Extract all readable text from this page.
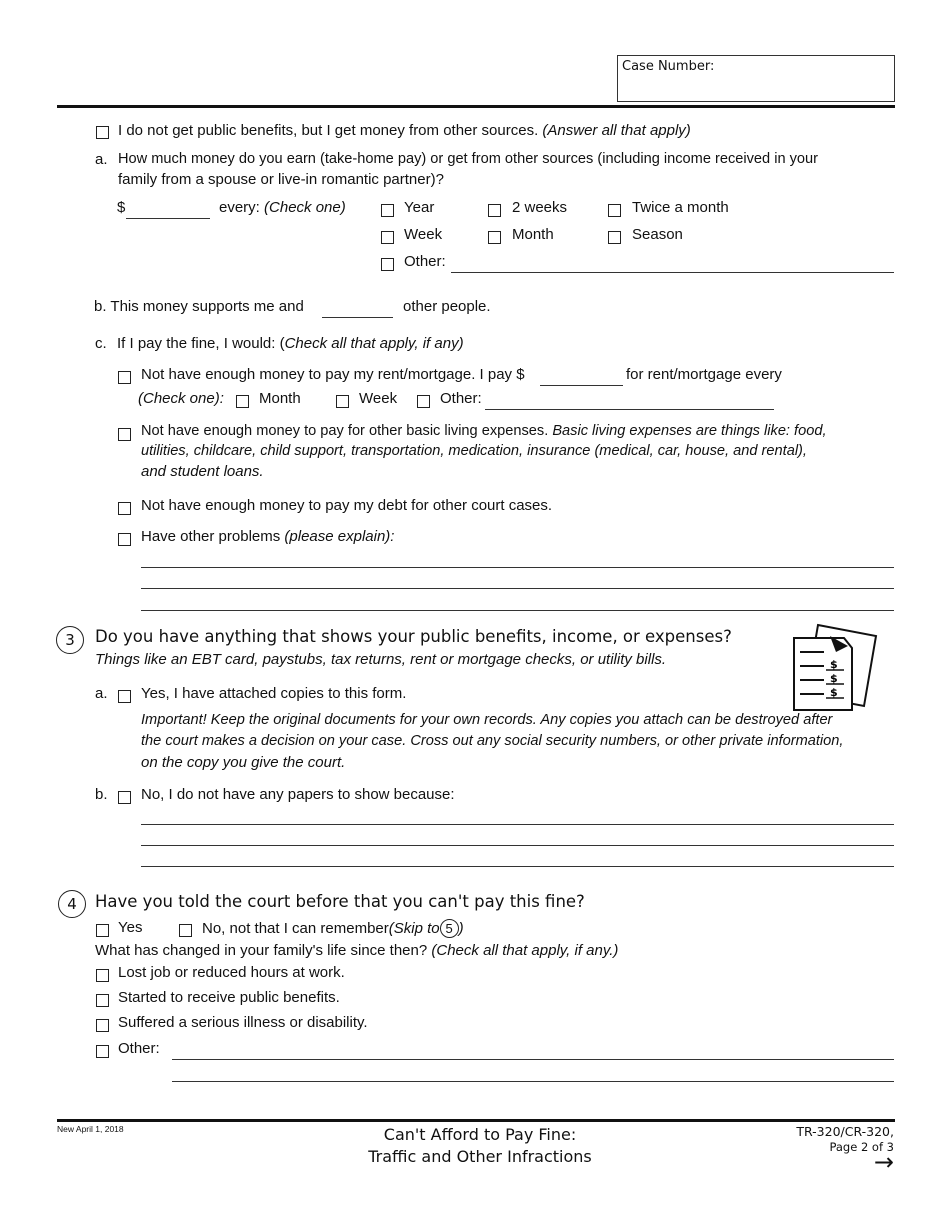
Case Number:
I do not get public benefits, but I get money from other sources. (Answer all that apply)
a. How much money do you earn (take-home pay) or get from other sources (including income received in your
family from a spouse or live-in romantic partner)?
$	every: (Check one)	Year	2 weeks	Twice a month
Week	Month	Season
Other:
b. This money supports me and	other people.
c. If I pay the fine, I would: (Check all that apply, if any)
Not have enough money to pay my rent/mortgage. I pay $	for rent/mortgage every
(Check one): Month	Week	Other:
Not have enough money to pay for other basic living expenses. Basic living expenses are things like: food,
utilities, childcare, child support, transportation, medication, insurance (medical, car, house, and rental),
and student loans.
Not have enough money to pay my debt for other court cases.
Have other problems (please explain):
3	Do you have anything that shows your public benefits, income, or expenses?
Things like an EBT card, paystubs, tax returns, rent or mortgage checks, or utility bills.	$
$
$
a. Yes, I have attached copies to this form.
Important! Keep the original documents for your own records. Any copies you attach can be destroyed after
the court makes a decision on your case. Cross out any social security numbers, or other private information,
on the copy you give the court.
b. No, I do not have any papers to show because:
4	Have you told the court before that you can't pay this fine?
Yes	No, not that I can remember(Skip to 5 )
What has changed in your family's life since then? (Check all that apply, if any.)
Lost job or reduced hours at work.
Started to receive public benefits.
Suffered a serious illness or disability.
Other:
New April 1, 2018	Can't Afford to Pay Fine:
Traffic and Other Infractions
TR-320/CR-320,
Page 2 of 3
→
